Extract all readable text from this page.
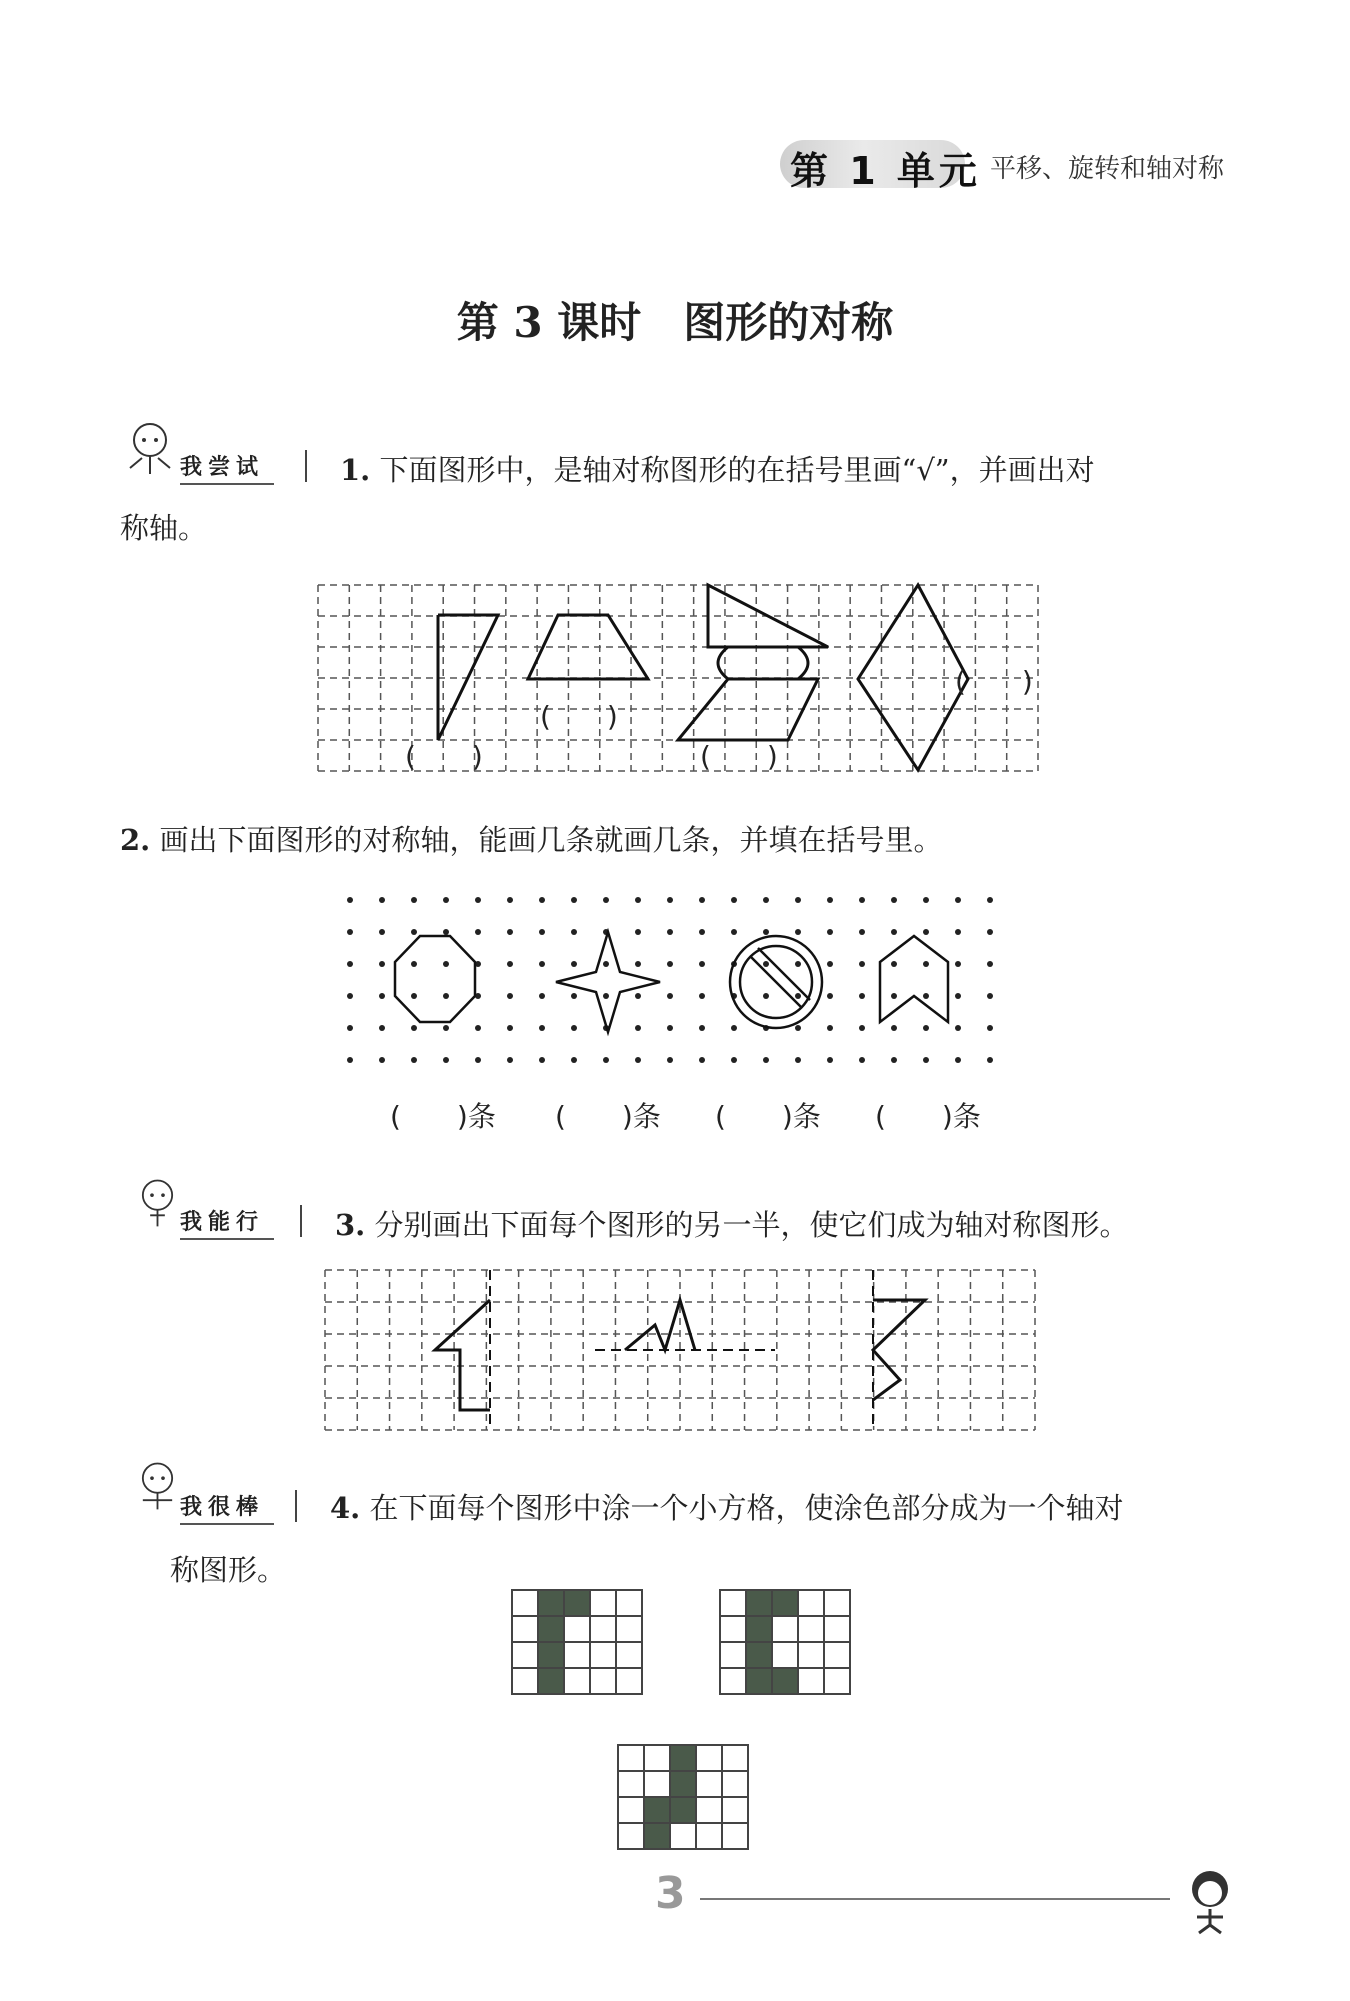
第 1 单元 平移、旋转和轴对称
第 3 课时　图形的对称
我尝试	1. 下面图形中，是轴对称图形的在括号里画“√”，并画出对
称轴。
(　　)
(　　)
(　　)
(　　)
2. 画出下面图形的对称轴，能画几条就画几条，并填在括号里。
(　　)条 (　　)条 (　　)条 (　　)条
我能行	3. 分别画出下面每个图形的另一半，使它们成为轴对称图形。
我很棒	4. 在下面每个图形中涂一个小方格，使涂色部分成为一个轴对
称图形。
3
